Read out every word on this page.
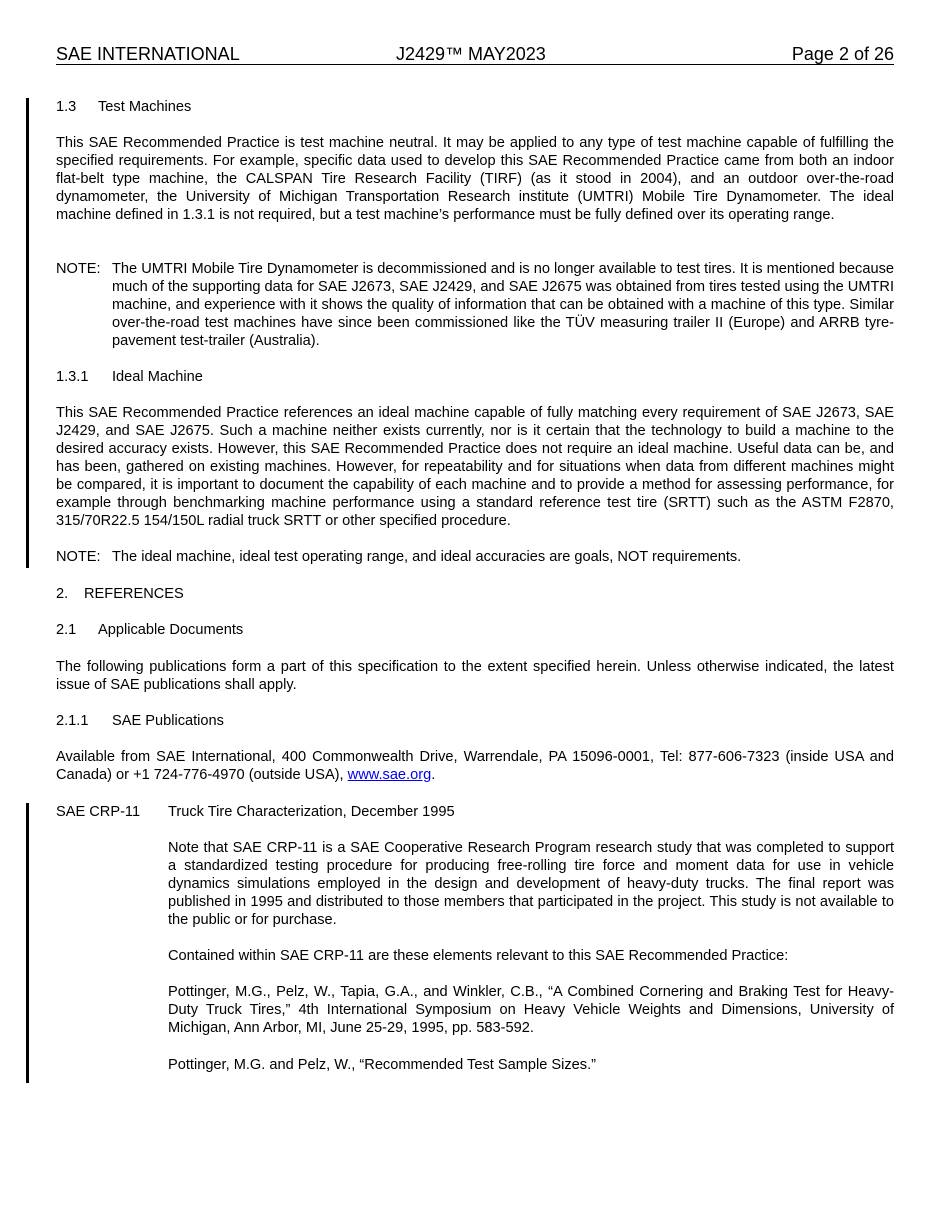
SAE INTERNATIONAL	J2429™ MAY2023	Page 2 of 26
1.3 Test Machines

This SAE Recommended Practice is test machine neutral. It may be applied to any type of test machine capable of fulfilling the specified requirements. For example, specific data used to develop this SAE Recommended Practice came from both an indoor flat-belt type machine, the CALSPAN Tire Research Facility (TIRF) (as it stood in 2004), and an outdoor over-the-road dynamometer, the University of Michigan Transportation Research institute (UMTRI) Mobile Tire Dynamometer. The ideal machine defined in 1.3.1 is not required, but a test machine’s performance must be fully defined over its operating range.

NOTE: The UMTRI Mobile Tire Dynamometer is decommissioned and is no longer available to test tires. It is mentioned because much of the supporting data for SAE J2673, SAE J2429, and SAE J2675 was obtained from tires tested using the UMTRI machine, and experience with it shows the quality of information that can be obtained with a machine of this type. Similar over-the-road test machines have since been commissioned like the TÜV measuring trailer II (Europe) and ARRB tyre-pavement test-trailer (Australia).
1.3.1 Ideal Machine

This SAE Recommended Practice references an ideal machine capable of fully matching every requirement of SAE J2673, SAE J2429, and SAE J2675. Such a machine neither exists currently, nor is it certain that the technology to build a machine to the desired accuracy exists. However, this SAE Recommended Practice does not require an ideal machine. Useful data can be, and has been, gathered on existing machines. However, for repeatability and for situations when data from different machines might be compared, it is important to document the capability of each machine and to provide a method for assessing performance, for example through benchmarking machine performance using a standard reference test tire (SRTT) such as the ASTM F2870, 315/70R22.5 154/150L radial truck SRTT or other specified procedure.

NOTE: The ideal machine, ideal test operating range, and ideal accuracies are goals, NOT requirements.
2. REFERENCES
2.1 Applicable Documents

The following publications form a part of this specification to the extent specified herein. Unless otherwise indicated, the latest issue of SAE publications shall apply.

2.1.1 SAE Publications

Available from SAE International, 400 Commonwealth Drive, Warrendale, PA 15096-0001, Tel: 877-606-7323 (inside USA and Canada) or +1 724-776-4970 (outside USA), www.sae.org.

SAE CRP-11 Truck Tire Characterization, December 1995

Note that SAE CRP-11 is a SAE Cooperative Research Program research study that was completed to support a standardized testing procedure for producing free-rolling tire force and moment data for use in vehicle dynamics simulations employed in the design and development of heavy-duty trucks. The final report was published in 1995 and distributed to those members that participated in the project. This study is not available to the public or for purchase.

Contained within SAE CRP-11 are these elements relevant to this SAE Recommended Practice:

Pottinger, M.G., Pelz, W., Tapia, G.A., and Winkler, C.B., “A Combined Cornering and Braking Test for Heavy-Duty Truck Tires,” 4th International Symposium on Heavy Vehicle Weights and Dimensions, University of Michigan, Ann Arbor, MI, June 25-29, 1995, pp. 583-592.

Pottinger, M.G. and Pelz, W., “Recommended Test Sample Sizes.”
